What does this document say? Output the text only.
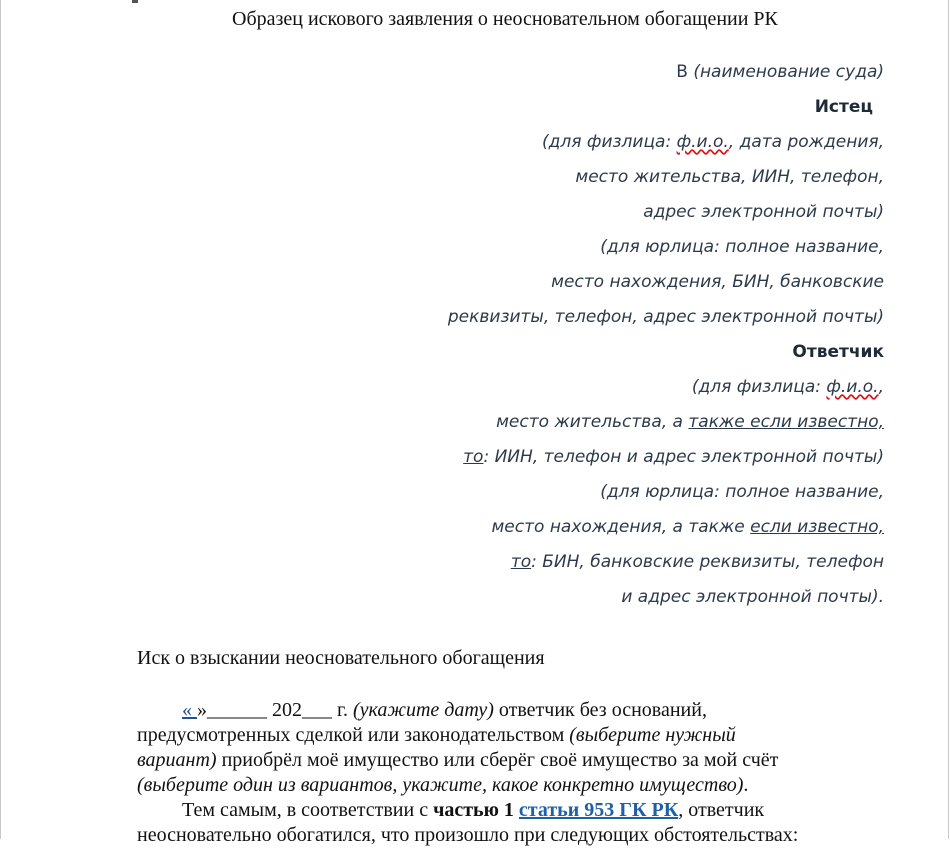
Образец искового заявления о неосновательном обогащении РК
В (наименование суда)
Истец
(для физлица: ф.и.о., дата рождения,
место жительства, ИИН, телефон,
адрес электронной почты)
(для юрлица: полное название,
место нахождения, БИН, банковские
реквизиты, телефон, адрес электронной почты)
Ответчик
(для физлица: ф.и.о.,
место жительства, а также если известно,
то: ИИН, телефон и адрес электронной почты)
(для юрлица: полное название,
место нахождения, а также если известно,
то: БИН, банковские реквизиты, телефон
и адрес электронной почты).
Иск о взыскании неосновательного обогащения
« »______ 202___ г. (укажите дату) ответчик без оснований,
предусмотренных сделкой или законодательством (выберите нужный
вариант) приобрёл моё имущество или сберёг своё имущество за мой счёт
(выберите один из вариантов, укажите, какое конкретно имущество).
Тем самым, в соответствии с частью 1 статьи 953 ГК РК, ответчик
неосновательно обогатился, что произошло при следующих обстоятельствах:
